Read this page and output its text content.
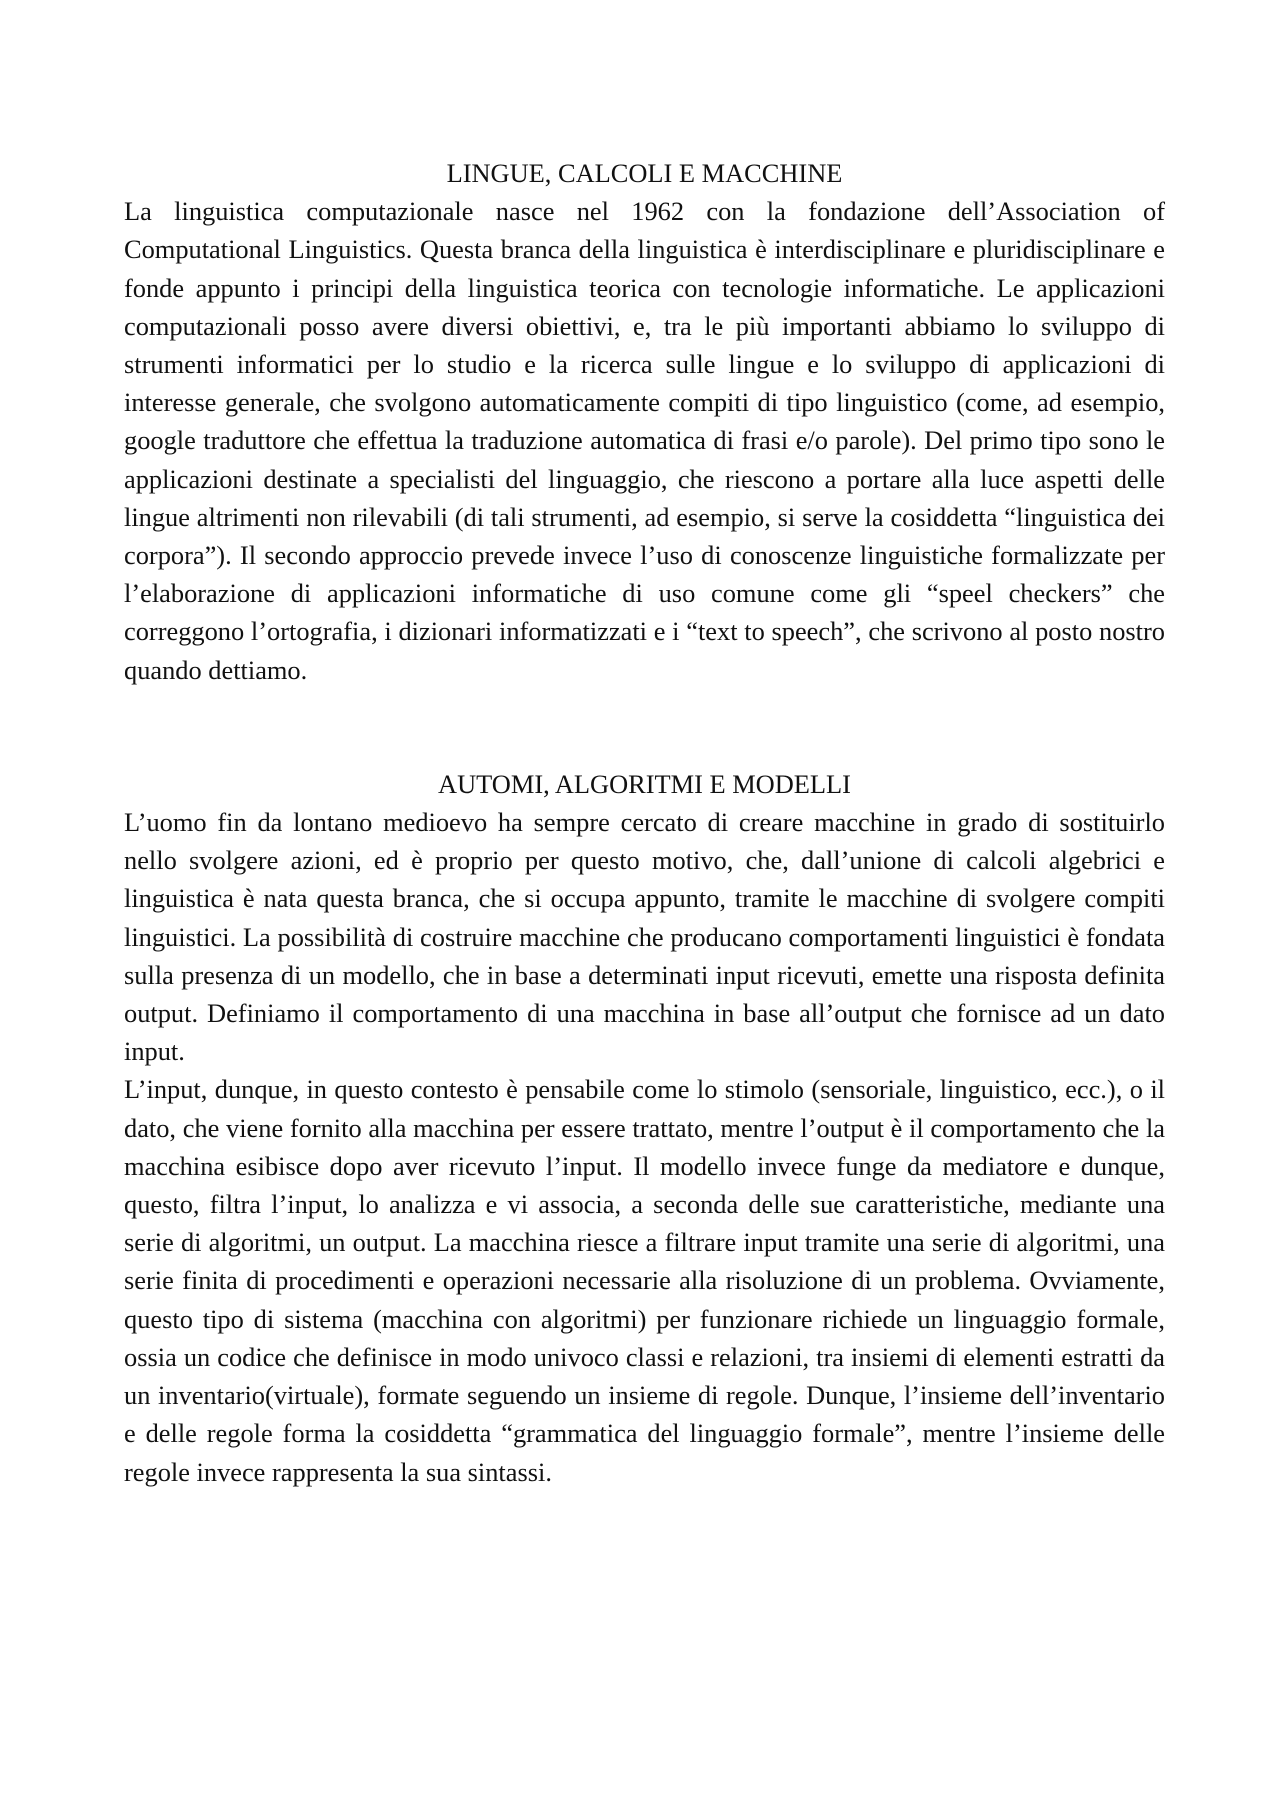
LINGUE, CALCOLI E MACCHINE

La linguistica computazionale nasce nel 1962 con la fondazione dell’Association of Computational Linguistics. Questa branca della linguistica è interdisciplinare e pluridisciplinare e fonde appunto i principi della linguistica teorica con tecnologie informatiche. Le applicazioni computazionali posso avere diversi obiettivi, e, tra le più importanti abbiamo lo sviluppo di strumenti informatici per lo studio e la ricerca sulle lingue e lo sviluppo di applicazioni di interesse generale, che svolgono automaticamente compiti di tipo linguistico (come, ad esempio, google traduttore che effettua la traduzione automatica di frasi e/o parole). Del primo tipo sono le applicazioni destinate a specialisti del linguaggio, che riescono a portare alla luce aspetti delle lingue altrimenti non rilevabili (di tali strumenti, ad esempio, si serve la cosiddetta “linguistica dei corpora”). Il secondo approccio prevede invece l’uso di conoscenze linguistiche formalizzate per l’elaborazione di applicazioni informatiche di uso comune come gli “speel checkers” che correggono l’ortografia, i dizionari informatizzati e i “text to speech”, che scrivono al posto nostro quando dettiamo.

AUTOMI, ALGORITMI E MODELLI

L’uomo fin da lontano medioevo ha sempre cercato di creare macchine in grado di sostituirlo nello svolgere azioni, ed è proprio per questo motivo, che, dall’unione di calcoli algebrici e linguistica è nata questa branca, che si occupa appunto, tramite le macchine di svolgere compiti linguistici. La possibilità di costruire macchine che producano comportamenti linguistici è fondata sulla presenza di un modello, che in base a determinati input ricevuti, emette una risposta definita output. Definiamo il comportamento di una macchina in base all’output che fornisce ad un dato input.

L’input, dunque, in questo contesto è pensabile come lo stimolo (sensoriale, linguistico, ecc.), o il dato, che viene fornito alla macchina per essere trattato, mentre l’output è il comportamento che la macchina esibisce dopo aver ricevuto l’input. Il modello invece funge da mediatore e dunque, questo, filtra l’input, lo analizza e vi associa, a seconda delle sue caratteristiche, mediante una serie di algoritmi, un output. La macchina riesce a filtrare input tramite una serie di algoritmi, una serie finita di procedimenti e operazioni necessarie alla risoluzione di un problema. Ovviamente, questo tipo di sistema (macchina con algoritmi) per funzionare richiede un linguaggio formale, ossia un codice che definisce in modo univoco classi e relazioni, tra insiemi di elementi estratti da un inventario(virtuale), formate seguendo un insieme di regole. Dunque, l’insieme dell’inventario e delle regole forma la cosiddetta “grammatica del linguaggio formale”, mentre l’insieme delle regole invece rappresenta la sua sintassi.
